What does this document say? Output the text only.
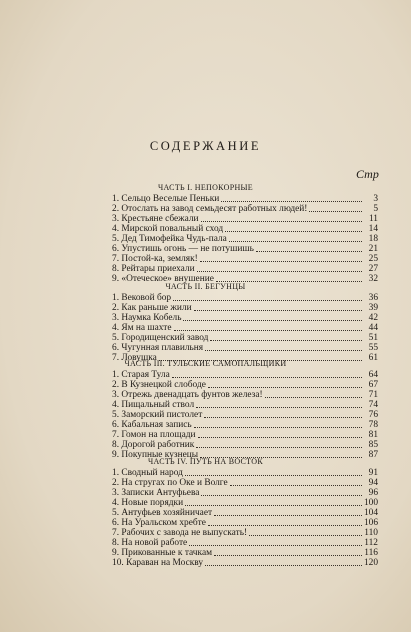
СОДЕРЖАНИЕ
Стр
ЧАСТЬ I. НЕПОКОРНЫЕ
1. Сельцо Веселые Пеньки	3
2. Отослать на завод семьдесят работных людей!	5
3. Крестьяне сбежали	11
4. Мирской повальный сход	14
5. Дед Тимофейка Чудь-пала	18
6. Упустишь огонь — не потушишь	21
7. Постой-ка, земляк!	25
8. Рейтары приехали	27
9. «Отеческое» внушение	32
ЧАСТЬ II. БЕГУНЦЫ
1. Вековой бор	36
2. Как раньше жили	39
3. Наумка Кобель	42
4. Ям на шахте	44
5. Городищенский завод	51
6. Чугунная плавильня	55
7. Ловушка	61
ЧАСТЬ III. ТУЛЬСКИЕ САМОПАЛЬЩИКИ
1. Старая Тула	64
2. В Кузнецкой слободе	67
3. Отрежь двенадцать фунтов железа!	71
4. Пищальный ствол	74
5. Заморский пистолет	76
6. Кабальная запись	78
7. Гомон на площади	81
8. Дорогой работник	85
9. Покупные кузнецы	87
ЧАСТЬ IV. ПУТЬ НА ВОСТОК
1. Сводный народ	91
2. На стругах по Оке и Волге	94
3. Записки Антуфьева	96
4. Новые порядки	100
5. Антуфьев хозяйничает	104
6. На Уральском хребте	106
7. Рабочих с завода не выпускать!	110
8. На новой работе	112
9. Прикованные к тачкам	116
10. Караван на Москву	120
